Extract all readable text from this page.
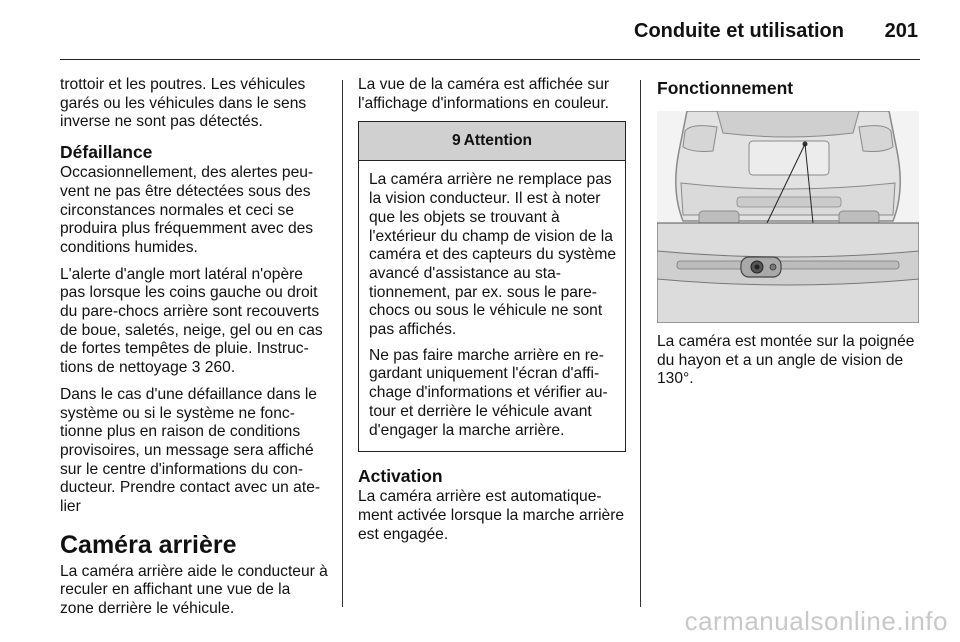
Conduite et utilisation	201

trottoir et les poutres. Les véhicules garés ou les véhicules dans le sens inverse ne sont pas détectés.

Défaillance

Occasionnellement, des alertes peuvent ne pas être détectées sous des circonstances normales et ceci se produira plus fréquemment avec des conditions humides.

L'alerte d'angle mort latéral n'opère pas lorsque les coins gauche ou droit du pare-chocs arrière sont recouverts de boue, saletés, neige, gel ou en cas de fortes tempêtes de pluie. Instructions de nettoyage 3 260.

Dans le cas d'une défaillance dans le système ou si le système ne fonctionne plus en raison de conditions provisoires, un message sera affiché sur le centre d'informations du conducteur. Prendre contact avec un atelier

Caméra arrière

La caméra arrière aide le conducteur à reculer en affichant une vue de la zone derrière le véhicule.

La vue de la caméra est affichée sur l'affichage d'informations en couleur.

9 Attention

La caméra arrière ne remplace pas la vision conducteur. Il est à noter que les objets se trouvant à l'extérieur du champ de vision de la caméra et des capteurs du système avancé d'assistance au stationnement, par ex. sous le pare-chocs ou sous le véhicule ne sont pas affichés.

Ne pas faire marche arrière en regardant uniquement l'écran d'affichage d'informations et vérifier autour et derrière le véhicule avant d'engager la marche arrière.

Activation

La caméra arrière est automatiquement activée lorsque la marche arrière est engagée.

Fonctionnement

La caméra est montée sur la poignée du hayon et a un angle de vision de 130°.

carmanualsonline.info
